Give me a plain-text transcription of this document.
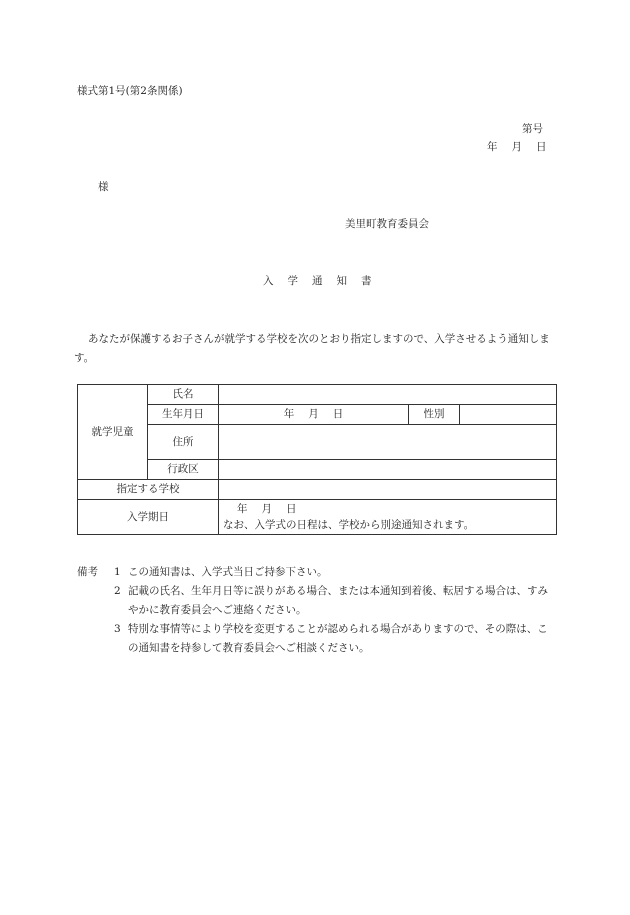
様式第1号(第2条関係)
第号
年 月 日
様
美里町教育委員会
入 学 通 知 書
あなたが保護するお子さんが就学する学校を次のとおり指定しますので、入学させるよう通知します。
就学児童	氏名			
	生年月日	年 月 日	性別	
	住所			
	行政区			
指定する学校				
入学期日		年 月 日
なお、入学式の日程は、学校から別途通知されます。		
備考	1 この通知書は、入学式当日ご持参下さい。
2 記載の氏名、生年月日等に誤りがある場合、または本通知到着後、転居する場合は、すみやかに教育委員会へご連絡ください。
3 特別な事情等により学校を変更することが認められる場合がありますので、その際は、この通知書を持参して教育委員会へご相談ください。
